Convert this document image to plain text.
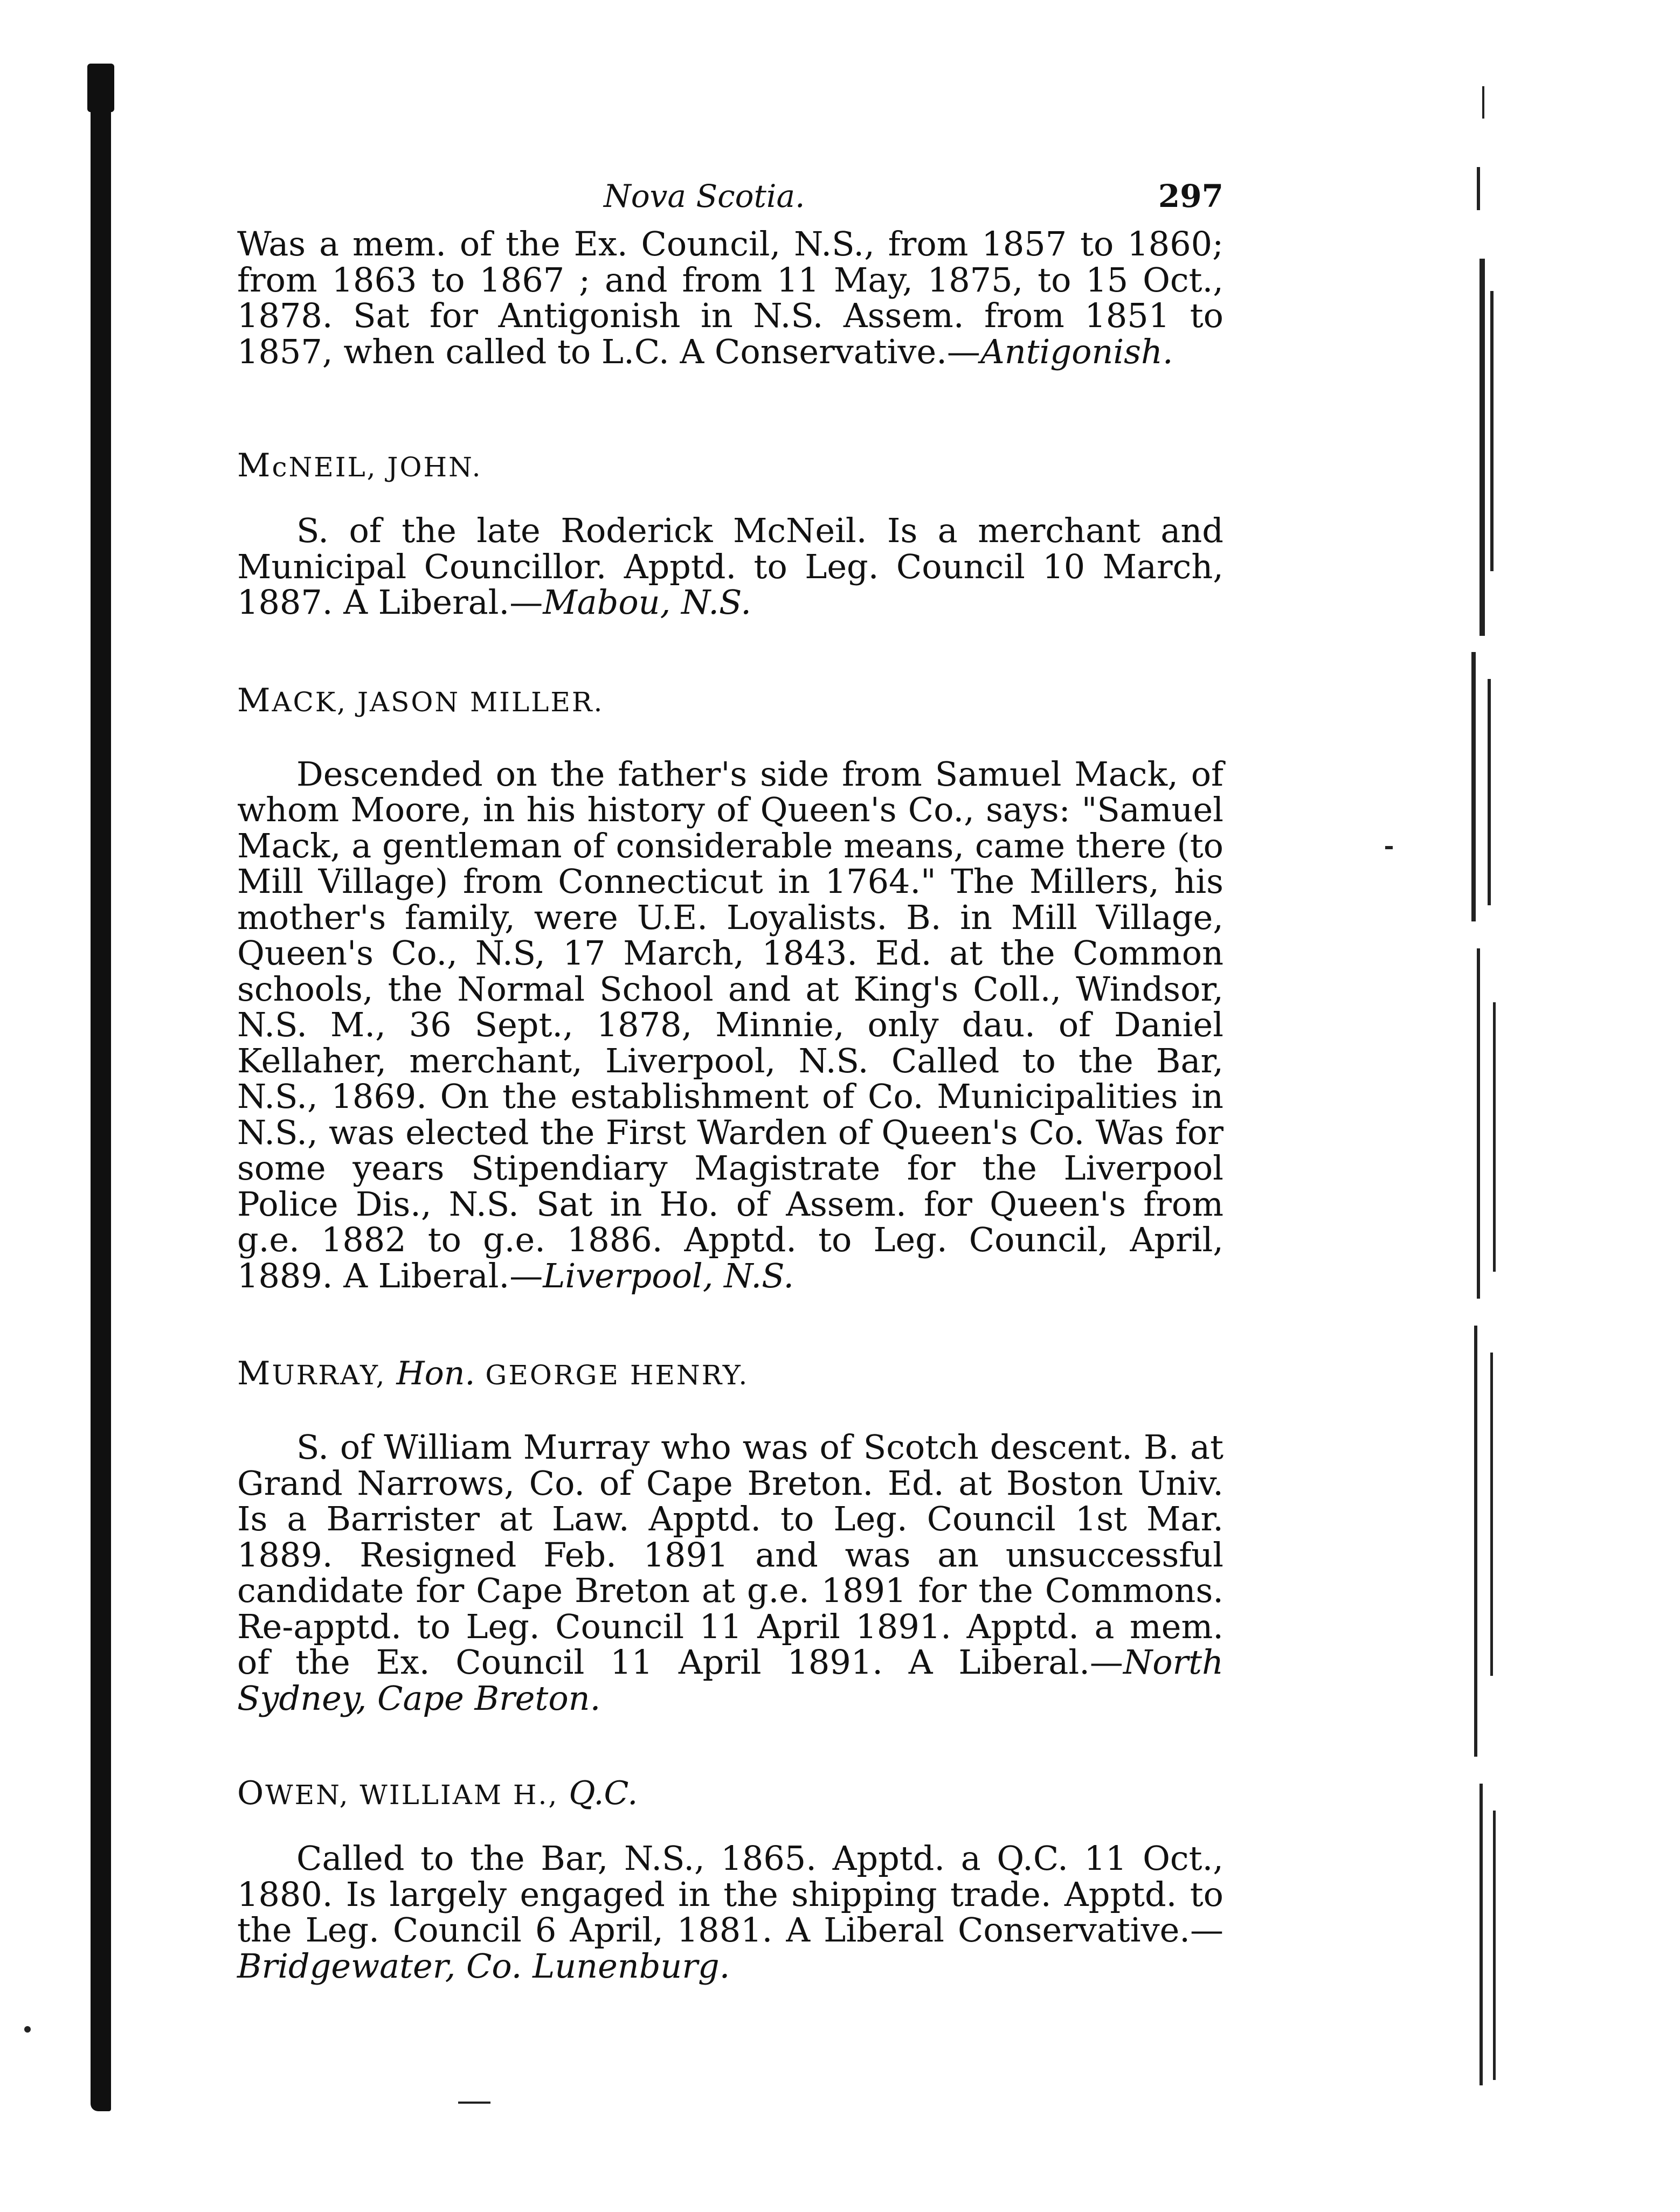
Nova Scotia.	297

Was a mem. of the Ex. Council, N.S., from 1857 to 1860; from 1863 to 1867 ; and from 11 May, 1875, to 15 Oct., 1878. Sat for Antigonish in N.S. Assem. from 1851 to 1857, when called to L.C. A Conservative.—Antigonish.

McNEIL, JOHN.

S. of the late Roderick McNeil. Is a merchant and Municipal Councillor. Apptd. to Leg. Council 10 March, 1887. A Liberal.—Mabou, N.S.

MACK, JASON MILLER.

Descended on the father's side from Samuel Mack, of whom Moore, in his history of Queen's Co., says: "Samuel Mack, a gentleman of considerable means, came there (to Mill Village) from Connecticut in 1764." The Millers, his mother's family, were U.E. Loyalists. B. in Mill Village, Queen's Co., N.S, 17 March, 1843. Ed. at the Common schools, the Normal School and at King's Coll., Windsor, N.S. M., 36 Sept., 1878, Minnie, only dau. of Daniel Kellaher, merchant, Liverpool, N.S. Called to the Bar, N.S., 1869. On the establishment of Co. Municipalities in N.S., was elected the First Warden of Queen's Co. Was for some years Stipendiary Magistrate for the Liverpool Police Dis., N.S. Sat in Ho. of Assem. for Queen's from g.e. 1882 to g.e. 1886. Apptd. to Leg. Council, April, 1889. A Liberal.—Liverpool, N.S.

MURRAY, Hon. GEORGE HENRY.

S. of William Murray who was of Scotch descent. B. at Grand Narrows, Co. of Cape Breton. Ed. at Boston Univ. Is a Barrister at Law. Apptd. to Leg. Council 1st Mar. 1889. Resigned Feb. 1891 and was an unsuccessful candidate for Cape Breton at g.e. 1891 for the Commons. Re-apptd. to Leg. Council 11 April 1891. Apptd. a mem. of the Ex. Council 11 April 1891. A Liberal.—North Sydney, Cape Breton.

OWEN, WILLIAM H., Q.C.

Called to the Bar, N.S., 1865. Apptd. a Q.C. 11 Oct., 1880. Is largely engaged in the shipping trade. Apptd. to the Leg. Council 6 April, 1881. A Liberal Conservative.—Bridgewater, Co. Lunenburg.
